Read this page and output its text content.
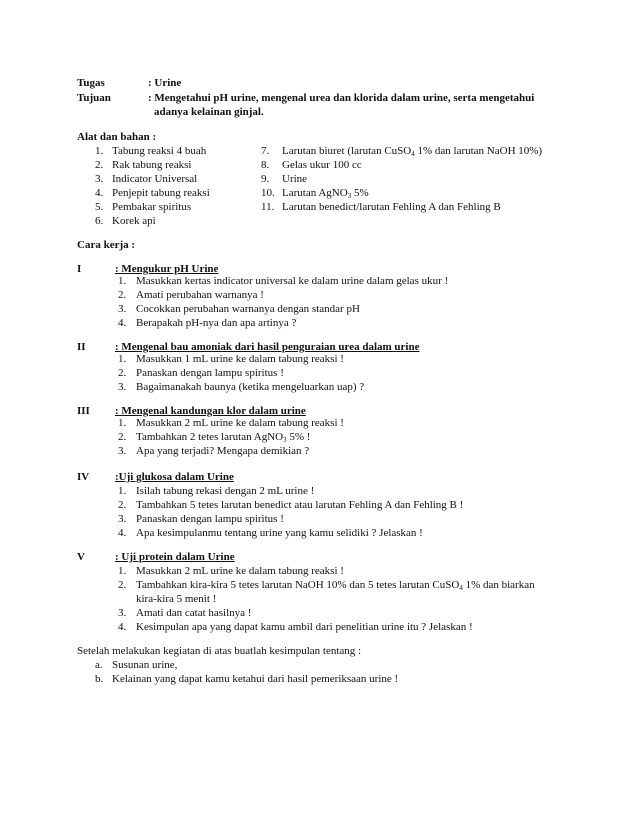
Tugas	: Urine
Tujuan	: Mengetahui pH urine, mengenal urea dan klorida dalam urine, serta mengetahui
adanya kelainan ginjal.
Alat dan bahan :
1. Tabung reaksi 4 buah
2. Rak tabung reaksi
3. Indicator Universal
4. Penjepit tabung reaksi
5. Pembakar spiritus
6. Korek api
7. Larutan biuret (larutan CuSO$_4$ 1% dan larutan NaOH 10%)
8. Gelas ukur 100 cc
9. Urine
10. Larutan AgNO$_3$ 5%
11. Larutan benedict/larutan Fehling A dan Fehling B
Cara kerja :
I	: Mengukur pH Urine
1. Masukkan kertas indicator universal ke dalam urine dalam gelas ukur !
2. Amati perubahan warnanya !
3. Cocokkan perubahan warnanya dengan standar pH
4. Berapakah pH-nya dan apa artinya ?
II	: Mengenal bau amoniak dari hasil penguraian urea dalam urine
1. Masukkan 1 mL urine ke dalam tabung reaksi !
2. Panaskan dengan lampu spiritus !
3. Bagaimanakah baunya (ketika mengeluarkan uap) ?
III : Mengenal kandungan klor dalam urine
1. Masukkan 2 mL urine ke dalam tabung reaksi !
2. Tambahkan 2 tetes larutan AgNO$_3$ 5% !
3. Apa yang terjadi? Mengapa demikian ?
IV :Uji glukosa dalam Urine
1. Isilah tabung rekasi dengan 2 mL urine !
2. Tambahkan 5 tetes larutan benedict atau larutan Fehling A dan Fehling B !
3. Panaskan dengan lampu spiritus !
4. Apa kesimpulanmu tentang urine yang kamu selidiki ? Jelaskan !
V	: Uji protein dalam Urine
1. Masukkan 2 mL urine ke dalam tabung reaksi !
2. Tambahkan kira-kira 5 tetes larutan NaOH 10% dan 5 tetes larutan CuSO$_4$ 1% dan biarkan
kira-kira 5 menit !
3. Amati dan catat hasilnya !
4. Kesimpulan apa yang dapat kamu ambil dari penelitian urine itu ? Jelaskan !
Setelah melakukan kegiatan di atas buatlah kesimpulan tentang :
a. Susunan urine,
b. Kelainan yang dapat kamu ketahui dari hasil pemeriksaan urine !
